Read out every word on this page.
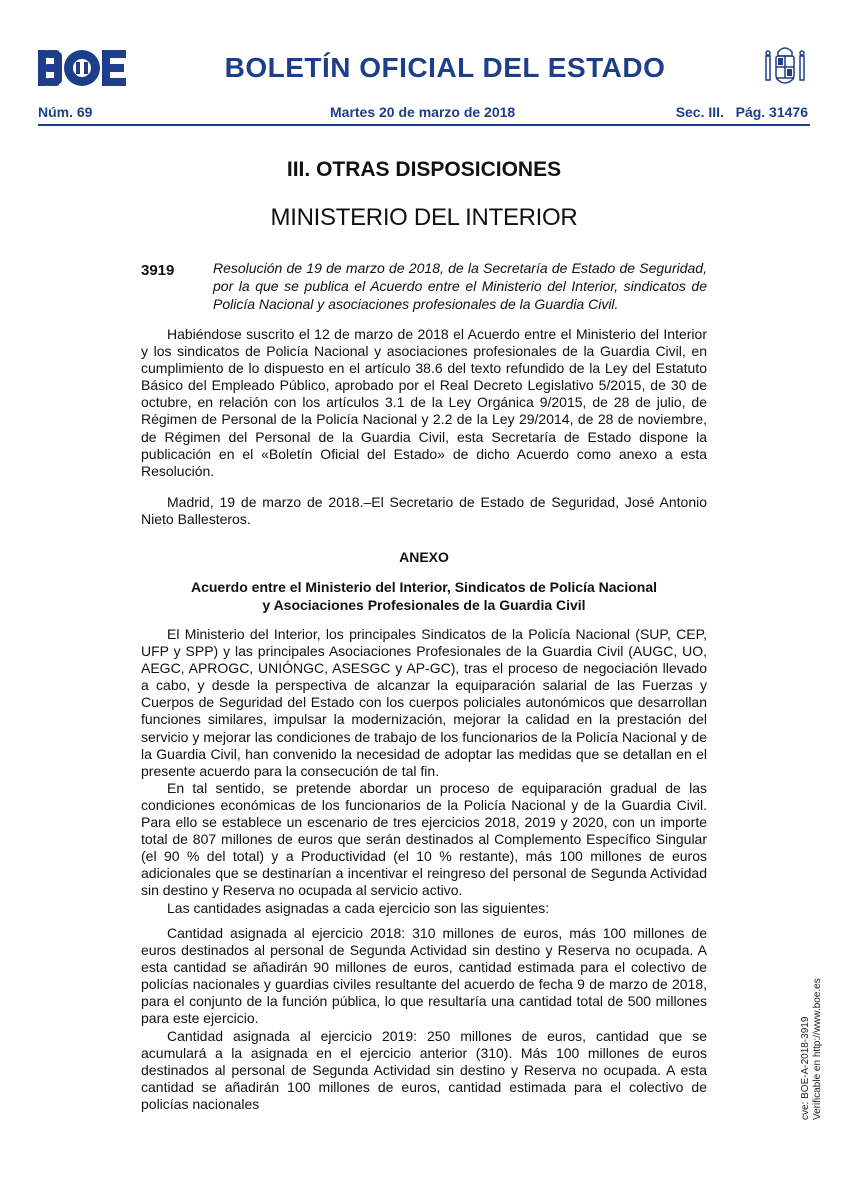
BOLETÍN OFICIAL DEL ESTADO
Núm. 69	Martes 20 de marzo de 2018	Sec. III.   Pág. 31476
III. OTRAS DISPOSICIONES
MINISTERIO DEL INTERIOR
3919	Resolución de 19 de marzo de 2018, de la Secretaría de Estado de Seguridad, por la que se publica el Acuerdo entre el Ministerio del Interior, sindicatos de Policía Nacional y asociaciones profesionales de la Guardia Civil.

Habiéndose suscrito el 12 de marzo de 2018 el Acuerdo entre el Ministerio del Interior y los sindicatos de Policía Nacional y asociaciones profesionales de la Guardia Civil, en cumplimiento de lo dispuesto en el artículo 38.6 del texto refundido de la Ley del Estatuto Básico del Empleado Público, aprobado por el Real Decreto Legislativo 5/2015, de 30 de octubre, en relación con los artículos 3.1 de la Ley Orgánica 9/2015, de 28 de julio, de Régimen de Personal de la Policía Nacional y 2.2 de la Ley 29/2014, de 28 de noviembre, de Régimen del Personal de la Guardia Civil, esta Secretaría de Estado dispone la publicación en el «Boletín Oficial del Estado» de dicho Acuerdo como anexo a esta Resolución.

Madrid, 19 de marzo de 2018.–El Secretario de Estado de Seguridad, José Antonio Nieto Ballesteros.

ANEXO
Acuerdo entre el Ministerio del Interior, Sindicatos de Policía Nacional
y Asociaciones Profesionales de la Guardia Civil

El Ministerio del Interior, los principales Sindicatos de la Policía Nacional (SUP, CEP, UFP y SPP) y las principales Asociaciones Profesionales de la Guardia Civil (AUGC, UO, AEGC, APROGC, UNIÓNGC, ASESGC y AP-GC), tras el proceso de negociación llevado a cabo, y desde la perspectiva de alcanzar la equiparación salarial de las Fuerzas y Cuerpos de Seguridad del Estado con los cuerpos policiales autonómicos que desarrollan funciones similares, impulsar la modernización, mejorar la calidad en la prestación del servicio y mejorar las condiciones de trabajo de los funcionarios de la Policía Nacional y de la Guardia Civil, han convenido la necesidad de adoptar las medidas que se detallan en el presente acuerdo para la consecución de tal fin.

En tal sentido, se pretende abordar un proceso de equiparación gradual de las condiciones económicas de los funcionarios de la Policía Nacional y de la Guardia Civil. Para ello se establece un escenario de tres ejercicios 2018, 2019 y 2020, con un importe total de 807 millones de euros que serán destinados al Complemento Específico Singular (el 90 % del total) y a Productividad (el 10 % restante), más 100 millones de euros adicionales que se destinarían a incentivar el reingreso del personal de Segunda Actividad sin destino y Reserva no ocupada al servicio activo.

Las cantidades asignadas a cada ejercicio son las siguientes:

Cantidad asignada al ejercicio 2018: 310 millones de euros, más 100 millones de euros destinados al personal de Segunda Actividad sin destino y Reserva no ocupada. A esta cantidad se añadirán 90 millones de euros, cantidad estimada para el colectivo de policías nacionales y guardias civiles resultante del acuerdo de fecha 9 de marzo de 2018, para el conjunto de la función pública, lo que resultaría una cantidad total de 500 millones para este ejercicio.

Cantidad asignada al ejercicio 2019: 250 millones de euros, cantidad que se acumulará a la asignada en el ejercicio anterior (310). Más 100 millones de euros destinados al personal de Segunda Actividad sin destino y Reserva no ocupada. A esta cantidad se añadirán 100 millones de euros, cantidad estimada para el colectivo de policías nacionales	cve: BOE-A-2018-3919 Verificable en http://www.boe.es
